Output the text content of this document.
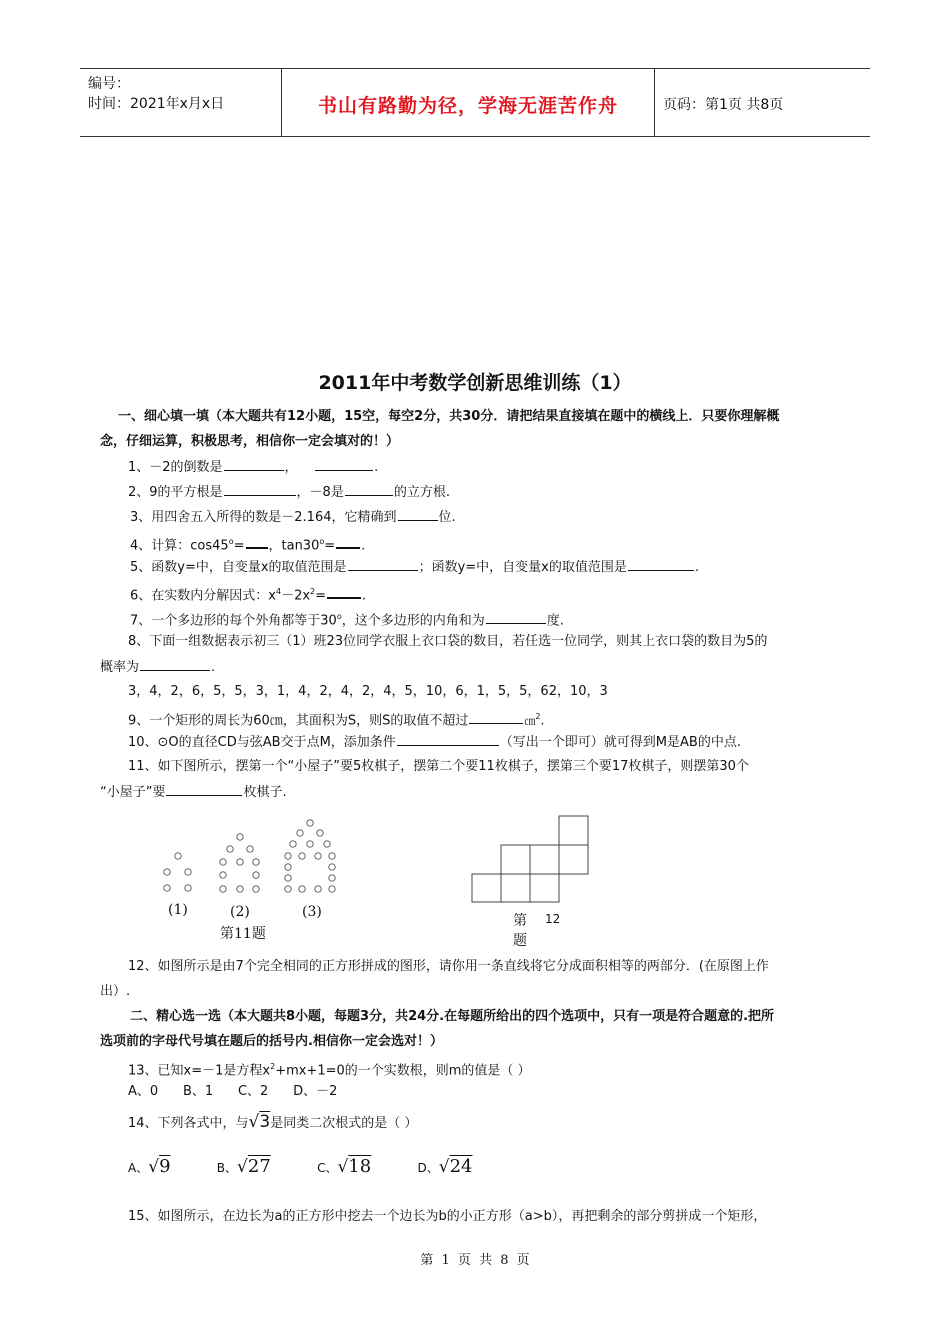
编号：
时间：2021年x月x日	书山有路勤为径，学海无涯苦作舟	页码：第1页 共8页
2011年中考数学创新思维训练（1）
一、细心填一填（本大题共有12小题，15空，每空2分，共30分．请把结果直接填在题中的横线上．只要你理解概
念，仔细运算，积极思考，相信你一定会填对的！）
1、－2的倒数是	，	.
2、9的平方根是	，－8是	的立方根.
3、用四舍五入所得的数是－2.164，它精确到	位.
4、计算：$\cos 45^o=$ ，$\tan 30^o=$ .
5、函数y=中，自变量x的取值范围是	；函数y=中，自变量x的取值范围是	.
6、在实数内分解因式：$x^4-2x^2=$	.
7、一个多边形的每个外角都等于30$^o$，这个多边形的内角和为	度.
8、下面一组数据表示初三（1）班23位同学衣服上衣口袋的数目，若任选一位同学，则其上衣口袋的数目为5的
概率为	.
3，4，2，6，5，5，3，1，4，2，4，2，4，5，10，6，1，5，5，62，10，3
9、一个矩形的周长为60㎝，其面积为S，则S的取值不超过	㎝$^2$.
10、⊙O的直径CD与弦AB交于点M，添加条件	（写出一个即可）就可得到M是AB的中点.
11、如下图所示，摆第一个“小屋子”要5枚棋子，摆第二个要11枚棋子，摆第三个要17枚棋子，则摆第30个
“小屋子”要	枚棋子.
(1)	(2)	(3)
第11题
第 12
题
12、如图所示是由7个完全相同的正方形拼成的图形，请你用一条直线将它分成面积相等的两部分．(在原图上作
出）.
二、精心选一选（本大题共8小题，每题3分，共24分.在每题所给出的四个选项中，只有一项是符合题意的.把所
选项前的字母代号填在题后的括号内.相信你一定会选对！）
13、已知x=－1是方程$x^2+mx+1=0$的一个实数根，则m的值是（ ）
A、0      B、1      C、2      D、－2
14、下列各式中，与√3是同类二次根式的是（ ）
A、√9	B、√27	C、√18	D、√24
15、如图所示，在边长为a的正方形中挖去一个边长为b的小正方形（a>b），再把剩余的部分剪拼成一个矩形，
第 1 页 共 8 页
